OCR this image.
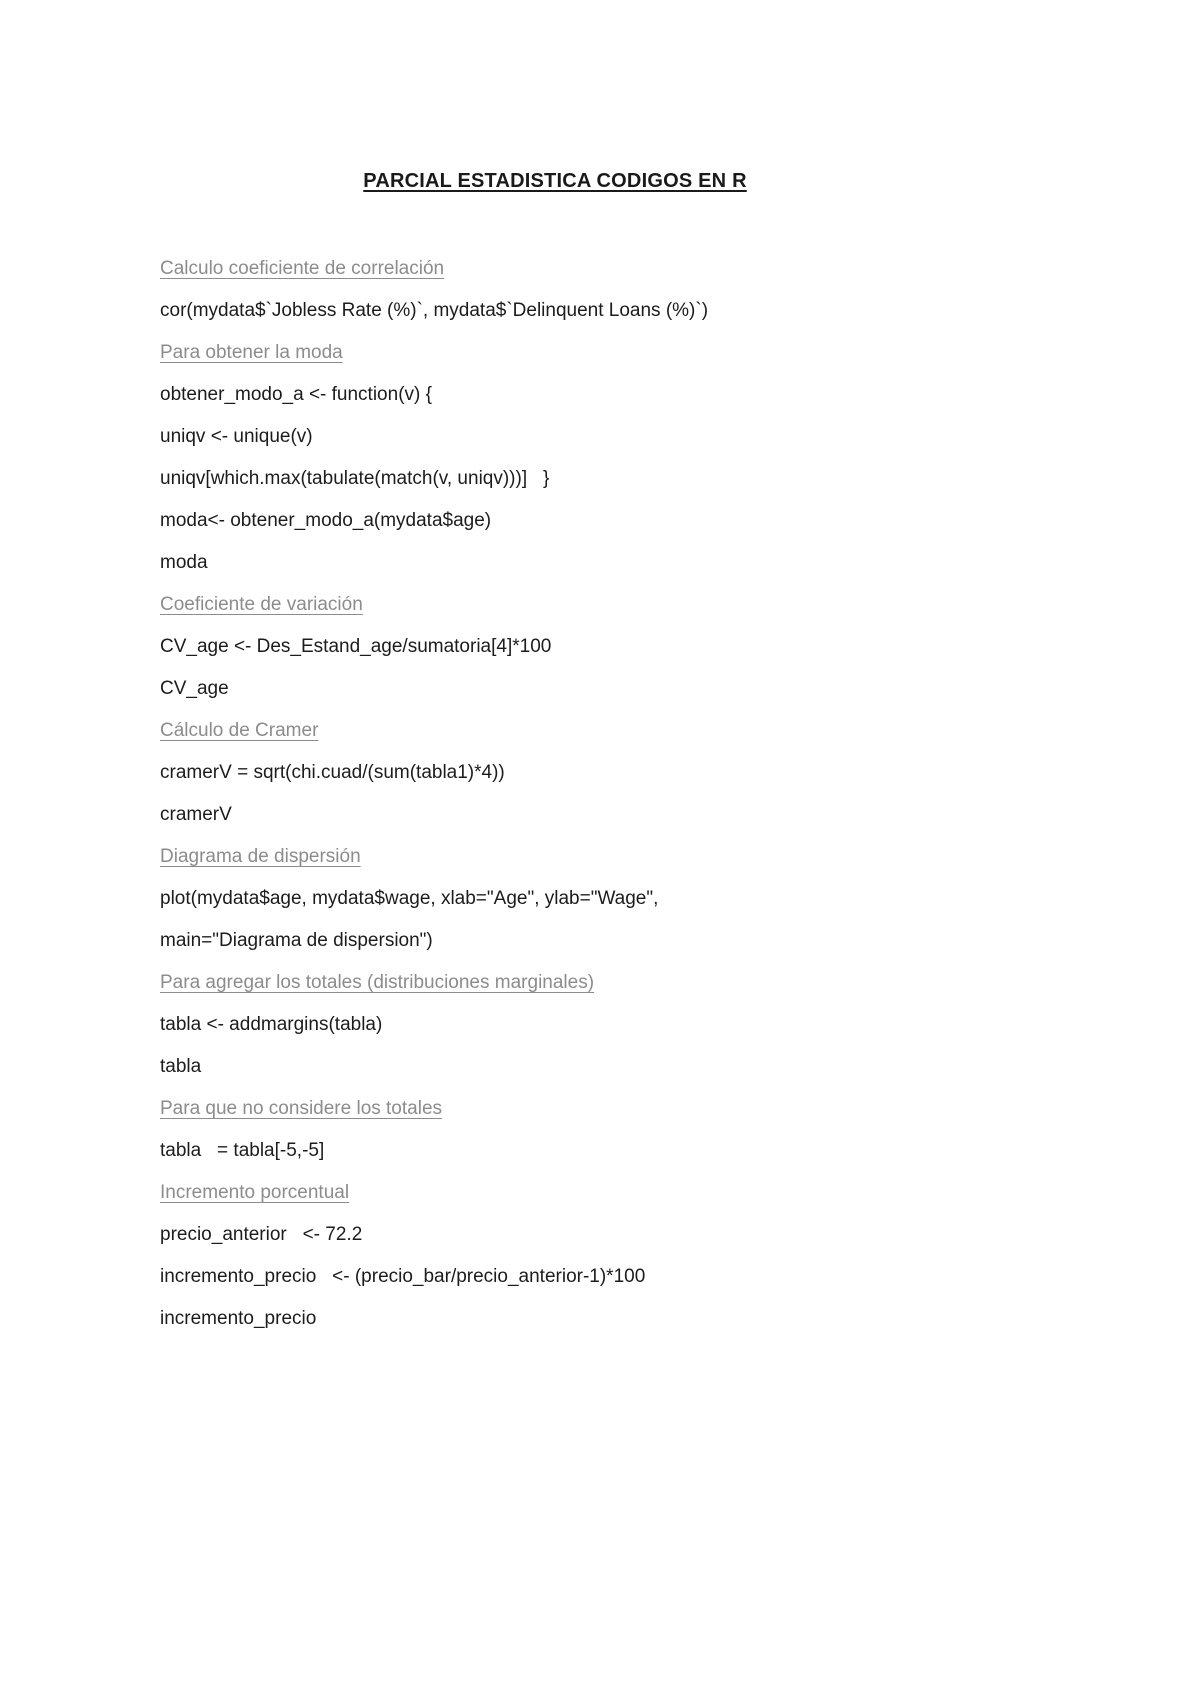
PARCIAL ESTADISTICA CODIGOS EN R

Calculo coeficiente de correlación

cor(mydata$`Jobless Rate (%)`, mydata$`Delinquent Loans (%)`)

Para obtener la moda

obtener_modo_a <- function(v) {

uniqv <- unique(v)

uniqv[which.max(tabulate(match(v, uniqv)))]   }

moda<- obtener_modo_a(mydata$age)

moda

Coeficiente de variación

CV_age <- Des_Estand_age/sumatoria[4]*100

CV_age

Cálculo de Cramer

cramerV = sqrt(chi.cuad/(sum(tabla1)*4))

cramerV

Diagrama de dispersión

plot(mydata$age, mydata$wage, xlab="Age", ylab="Wage",

main="Diagrama de dispersion")

Para agregar los totales (distribuciones marginales)

tabla <- addmargins(tabla)

tabla

Para que no considere los totales

tabla   = tabla[-5,-5]

Incremento porcentual

precio_anterior   <- 72.2

incremento_precio   <- (precio_bar/precio_anterior-1)*100

incremento_precio
